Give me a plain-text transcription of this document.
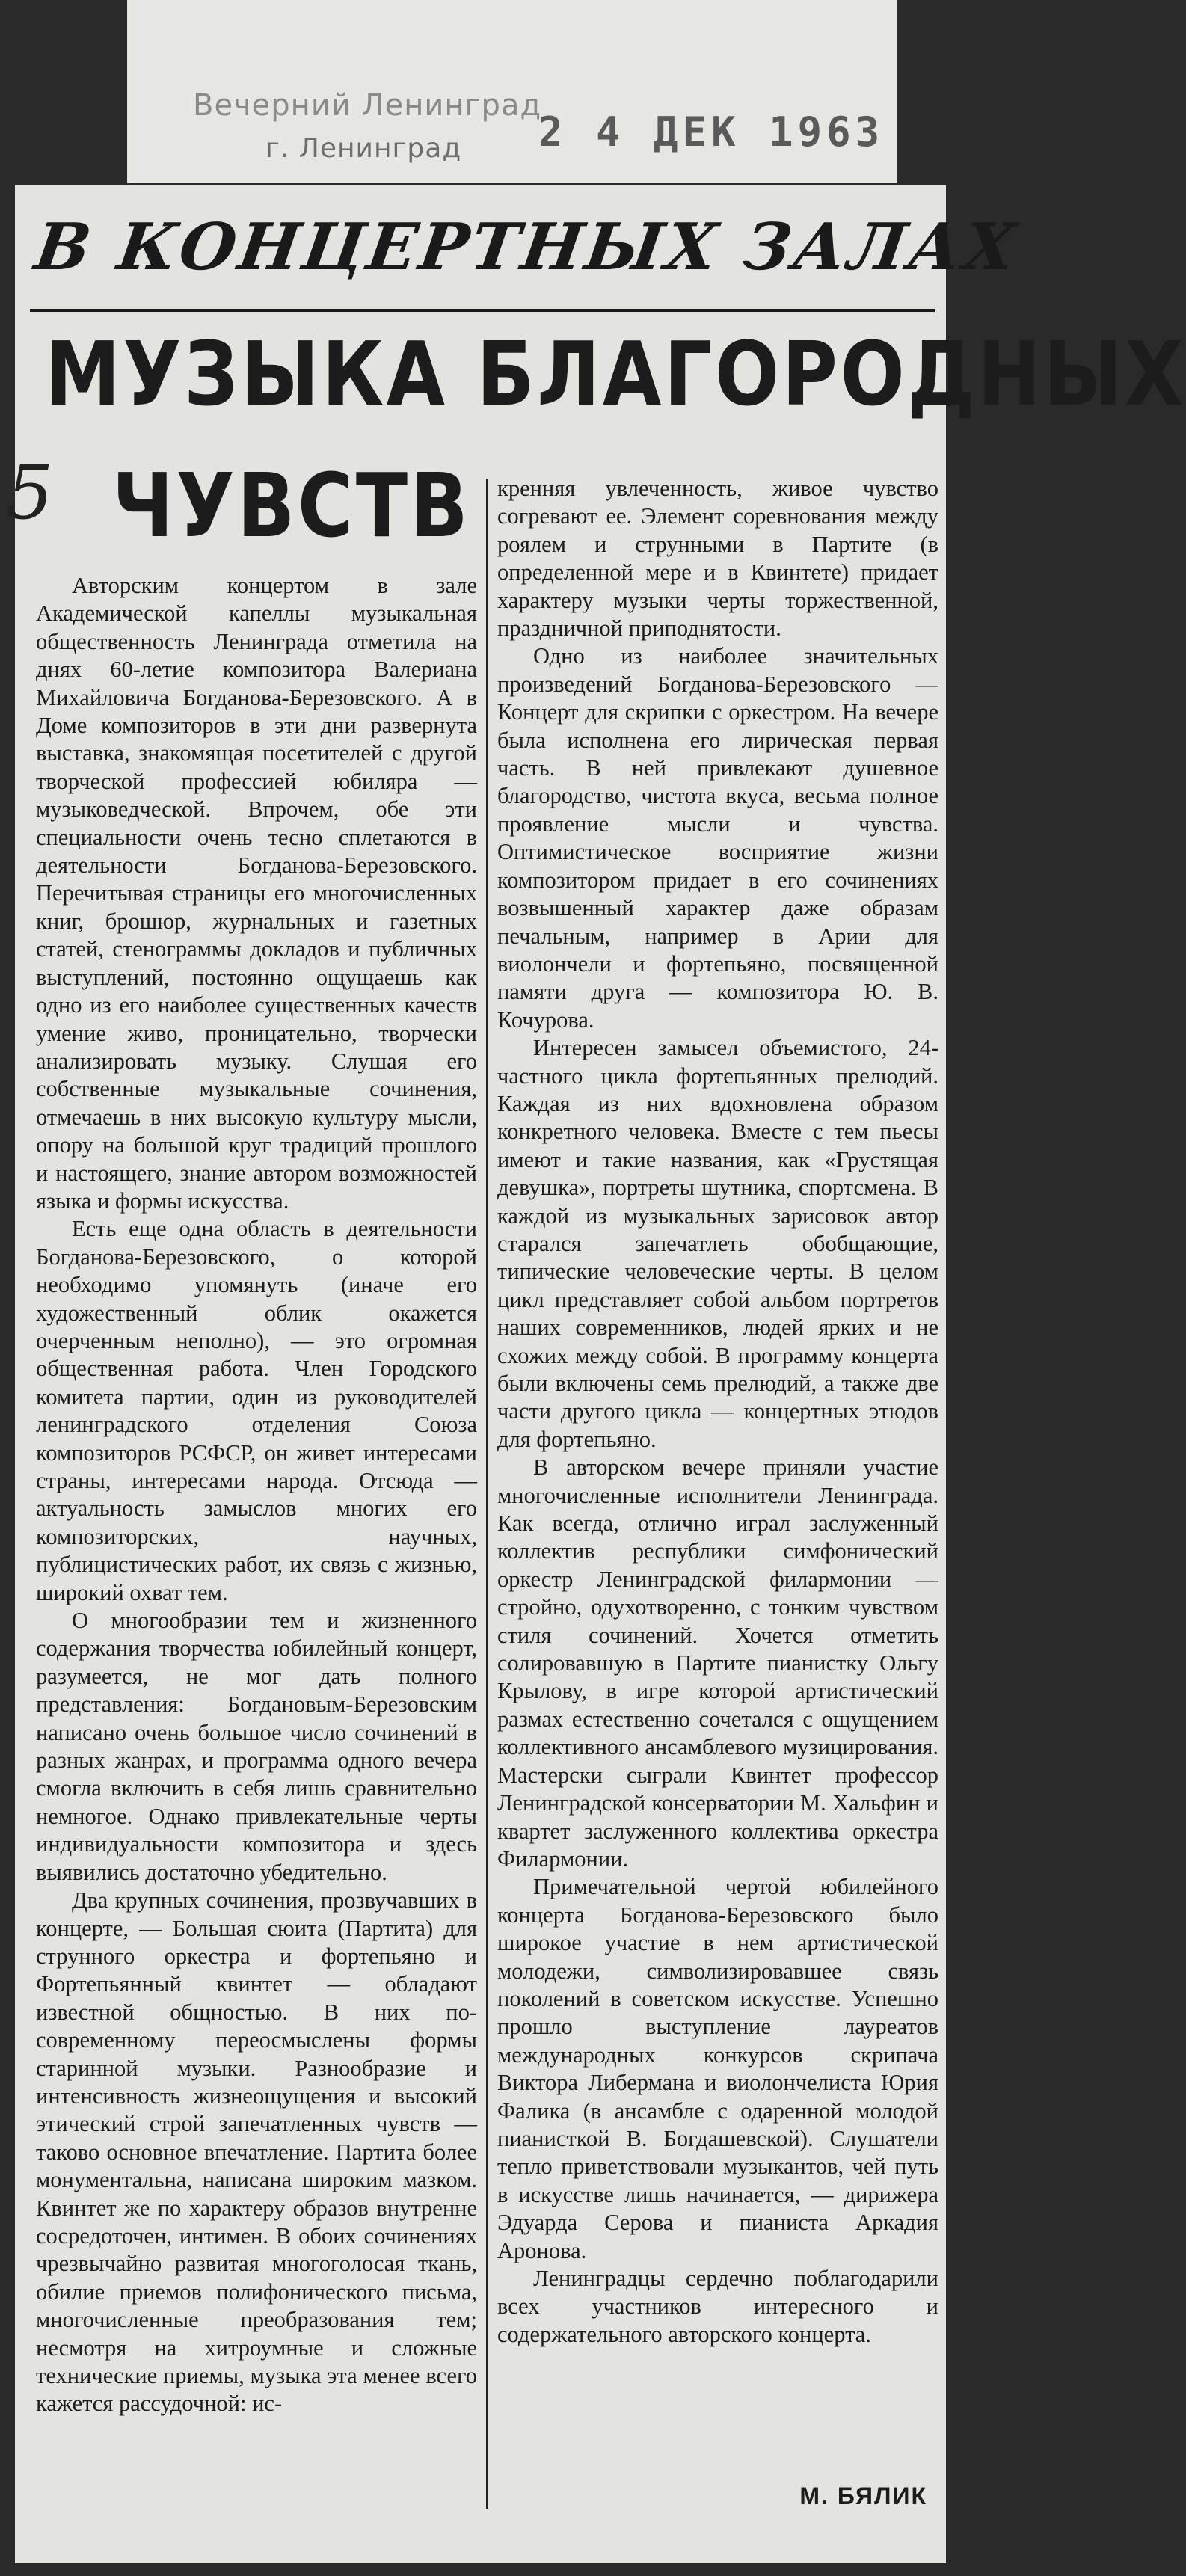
Вечерний Ленинград
г. Ленинград 2 4 ДЕК 1963
В КОНЦЕРТНЫХ ЗАЛАХ
МУЗЫКА БЛАГОРОДНЫХ
ЧУВСТВ
5

Авторским концертом в зале Академической капеллы музыкальная общественность Ленинграда отметила на днях 60-летие композитора Валериана Михайловича Богданова-Березовского. А в Доме композиторов в эти дни развернута выставка, знакомящая посетителей с другой творческой профессией юбиляра — музыковедческой. Впрочем, обе эти специальности очень тесно сплетаются в деятельности Богданова-Березовского. Перечитывая страницы его многочисленных книг, брошюр, журнальных и газетных статей, стенограммы докладов и публичных выступлений, постоянно ощущаешь как одно из его наиболее существенных качеств умение живо, проницательно, творчески анализировать музыку. Слушая его собственные музыкальные сочинения, отмечаешь в них высокую культуру мысли, опору на большой круг традиций прошлого и настоящего, знание автором возможностей языка и формы искусства.

Есть еще одна область в деятельности Богданова-Березовского, о которой необходимо упомянуть (иначе его художественный облик окажется очерченным неполно), — это огромная общественная работа. Член Городского комитета партии, один из руководителей ленинградского отделения Союза композиторов РСФСР, он живет интересами страны, интересами народа. Отсюда — актуальность замыслов многих его композиторских, научных, публицистических работ, их связь с жизнью, широкий охват тем.

О многообразии тем и жизненного содержания творчества юбилейный концерт, разумеется, не мог дать полного представления: Богдановым-Березовским написано очень большое число сочинений в разных жанрах, и программа одного вечера смогла включить в себя лишь сравнительно немногое. Однако привлекательные черты индивидуальности композитора и здесь выявились достаточно убедительно.

Два крупных сочинения, прозвучавших в концерте, — Большая сюита (Партита) для струнного оркестра и фортепьяно и Фортепьянный квинтет — обладают известной общностью. В них по-современному переосмыслены формы старинной музыки. Разнообразие и интенсивность жизнеощущения и высокий этический строй запечатленных чувств — таково основное впечатление. Партита более монументальна, написана широким мазком. Квинтет же по характеру образов внутренне сосредоточен, интимен. В обоих сочинениях чрезвычайно развитая многоголосая ткань, обилие приемов полифонического письма, многочисленные преобразования тем; несмотря на хитроумные и сложные технические приемы, музыка эта менее всего кажется рассудочной: ис-

кренняя увлеченность, живое чувство согревают ее. Элемент соревнования между роялем и струнными в Партите (в определенной мере и в Квинтете) придает характеру музыки черты торжественной, праздничной приподнятости.

Одно из наиболее значительных произведений Богданова-Березовского — Концерт для скрипки с оркестром. На вечере была исполнена его лирическая первая часть. В ней привлекают душевное благородство, чистота вкуса, весьма полное проявление мысли и чувства. Оптимистическое восприятие жизни композитором придает в его сочинениях возвышенный характер даже образам печальным, например в Арии для виолончели и фортепьяно, посвященной памяти друга — композитора Ю. В. Кочурова.

Интересен замысел объемистого, 24-частного цикла фортепьянных прелюдий. Каждая из них вдохновлена образом конкретного человека. Вместе с тем пьесы имеют и такие названия, как «Грустящая девушка», портреты шутника, спортсмена. В каждой из музыкальных зарисовок автор старался запечатлеть обобщающие, типические человеческие черты. В целом цикл представляет собой альбом портретов наших современников, людей ярких и не схожих между собой. В программу концерта были включены семь прелюдий, а также две части другого цикла — концертных этюдов для фортепьяно.

В авторском вечере приняли участие многочисленные исполнители Ленинграда. Как всегда, отлично играл заслуженный коллектив республики симфонический оркестр Ленинградской филармонии — стройно, одухотворенно, с тонким чувством стиля сочинений. Хочется отметить солировавшую в Партите пианистку Ольгу Крылову, в игре которой артистический размах естественно сочетался с ощущением коллективного ансамблевого музицирования. Мастерски сыграли Квинтет профессор Ленинградской консерватории М. Хальфин и квартет заслуженного коллектива оркестра Филармонии.

Примечательной чертой юбилейного концерта Богданова-Березовского было широкое участие в нем артистической молодежи, символизировавшее связь поколений в советском искусстве. Успешно прошло выступление лауреатов международных конкурсов скрипача Виктора Либермана и виолончелиста Юрия Фалика (в ансамбле с одаренной молодой пианисткой В. Богдашевской). Слушатели тепло приветствовали музыкантов, чей путь в искусстве лишь начинается, — дирижера Эдуарда Серова и пианиста Аркадия Аронова.

Ленинградцы сердечно поблагодарили всех участников интересного и содержательного авторского концерта.

М. БЯЛИК
